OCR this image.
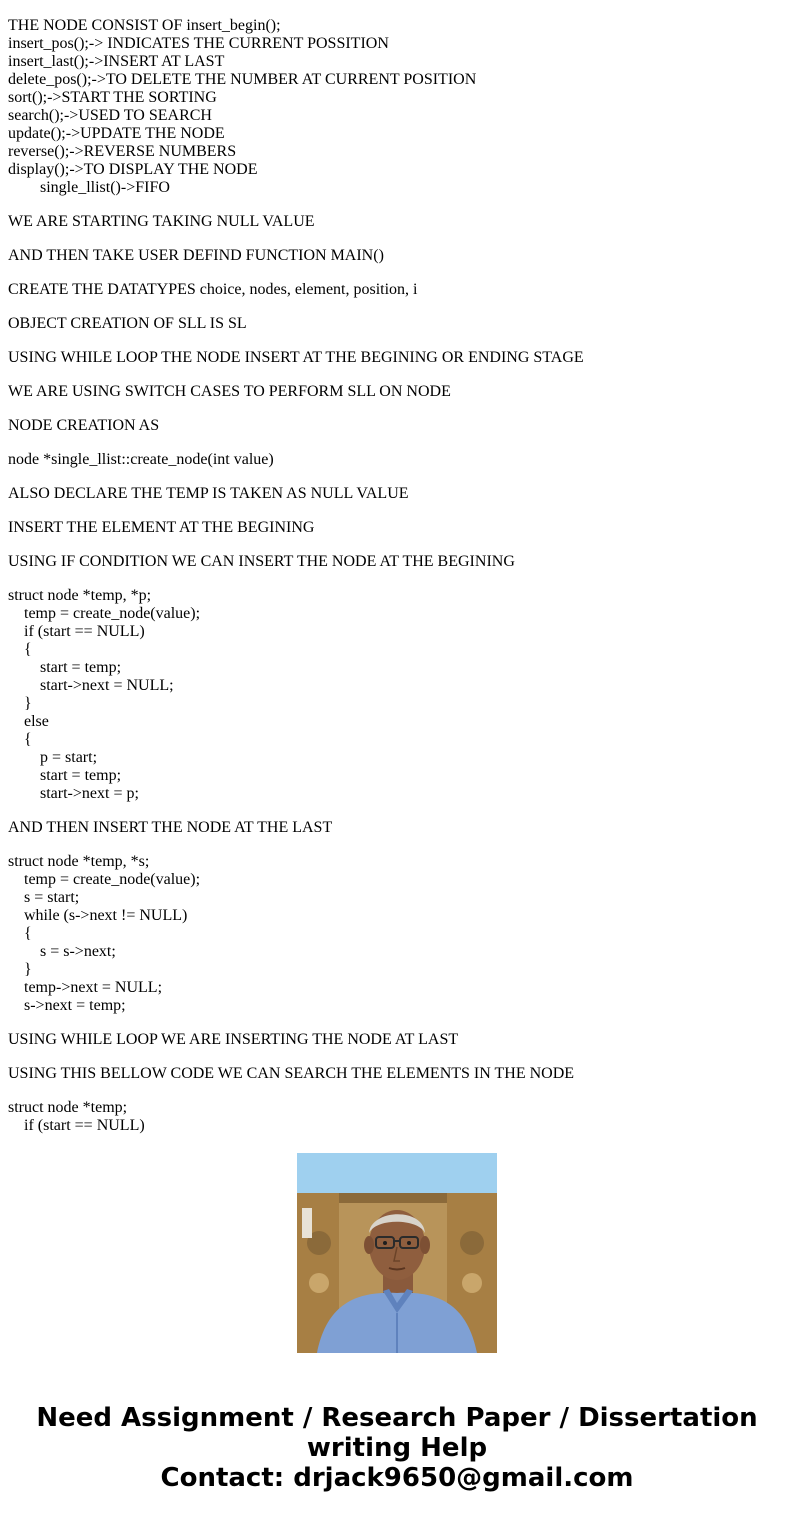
THE NODE CONSIST OF insert_begin();
insert_pos();-> INDICATES THE CURRENT POSSITION
insert_last();->INSERT AT LAST
delete_pos();->TO DELETE THE NUMBER AT CURRENT POSITION
sort();->START THE SORTING
search();->USED TO SEARCH
update();->UPDATE THE NODE
reverse();->REVERSE NUMBERS
display();->TO DISPLAY THE NODE
single_llist()->FIFO
WE ARE STARTING TAKING NULL VALUE
AND THEN TAKE USER DEFIND FUNCTION MAIN()
CREATE THE DATATYPES choice, nodes, element, position, i
OBJECT CREATION OF SLL IS SL
USING WHILE LOOP THE NODE INSERT AT THE BEGINING OR ENDING STAGE
WE ARE USING SWITCH CASES TO PERFORM SLL ON NODE
NODE CREATION AS
node *single_llist::create_node(int value)
ALSO DECLARE THE TEMP IS TAKEN AS NULL VALUE
INSERT THE ELEMENT AT THE BEGINING
USING IF CONDITION WE CAN INSERT THE NODE AT THE BEGINING
struct node *temp, *p;
temp = create_node(value);
if (start == NULL)
{
start = temp;
start->next = NULL;
}
else
{
p = start;
start = temp;
start->next = p;
AND THEN INSERT THE NODE AT THE LAST
struct node *temp, *s;
temp = create_node(value);
s = start;
while (s->next != NULL)
{
s = s->next;
}
temp->next = NULL;
s->next = temp;
USING WHILE LOOP WE ARE INSERTING THE NODE AT LAST
USING THIS BELLOW CODE WE CAN SEARCH THE ELEMENTS IN THE NODE
struct node *temp;
if (start == NULL)
Need Assignment / Research Paper / Dissertation
writing Help
Contact: drjack9650@gmail.com
